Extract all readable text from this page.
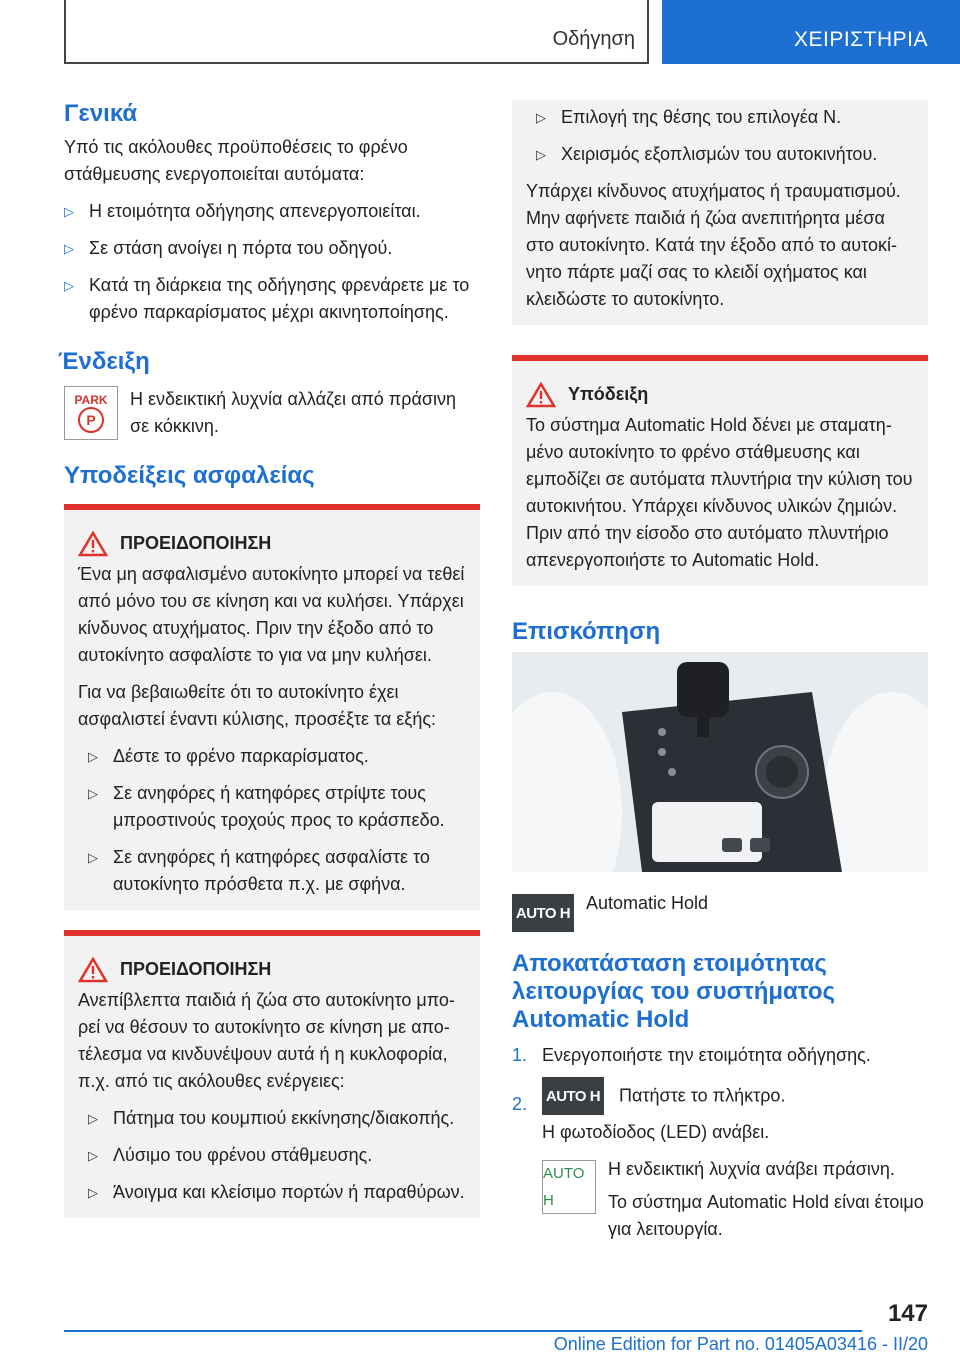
Οδήγηση	ΧΕΙΡΙΣΤΗΡΙΑ
Γενικά
Υπό τις ακόλουθες προϋποθέσεις το φρένο στάθμευσης ενεργοποιείται αυτόματα:
▷ Η ετοιμότητα οδήγησης απενεργοποιείται.
▷ Σε στάση ανοίγει η πόρτα του οδηγού.
▷ Κατά τη διάρκεια της οδήγησης φρενάρετε με το φρένο παρκαρίσματος μέχρι ακινητοποίησης.
Ένδειξη
PARK
P
Η ενδεικτική λυχνία αλλάζει από πράσινη σε κόκκινη.
Υποδείξεις ασφαλείας
ΠΡΟΕΙΔΟΠΟΙΗΣΗ
Ένα μη ασφαλισμένο αυτοκίνητο μπορεί να τεθεί από μόνο του σε κίνηση και να κυλήσει. Υπάρχει κίνδυνος ατυχήματος. Πριν την έξοδο από το αυτοκίνητο ασφαλίστε το για να μην κυλήσει.
Για να βεβαιωθείτε ότι το αυτοκίνητο έχει ασφαλιστεί έναντι κύλισης, προσέξτε τα εξής:
▷ Δέστε το φρένο παρκαρίσματος.
▷ Σε ανηφόρες ή κατηφόρες στρίψτε τους μπροστινούς τροχούς προς το κράσπεδο.
▷ Σε ανηφόρες ή κατηφόρες ασφαλίστε το αυτοκίνητο πρόσθετα π.χ. με σφήνα.
ΠΡΟΕΙΔΟΠΟΙΗΣΗ
Ανεπίβλεπτα παιδιά ή ζώα στο αυτοκίνητο μπορεί να θέσουν το αυτοκίνητο σε κίνηση με αποτέλεσμα να κινδυνέψουν αυτά ή η κυκλοφορία, π.χ. από τις ακόλουθες ενέργειες:
▷ Πάτημα του κουμπιού εκκίνησης/διακοπής.
▷ Λύσιμο του φρένου στάθμευσης.
▷ Άνοιγμα και κλείσιμο πορτών ή παραθύρων.
▷ Επιλογή της θέσης του επιλογέα N.
▷ Χειρισμός εξοπλισμών του αυτοκινήτου.
Υπάρχει κίνδυνος ατυχήματος ή τραυματισμού. Μην αφήνετε παιδιά ή ζώα ανεπιτήρητα μέσα στο αυτοκίνητο. Κατά την έξοδο από το αυτοκίνητο πάρτε μαζί σας το κλειδί οχήματος και κλειδώστε το αυτοκίνητο.
Υπόδειξη
Το σύστημα Automatic Hold δένει με σταματημένο αυτοκίνητο το φρένο στάθμευσης και εμποδίζει σε αυτόματα πλυντήρια την κύλιση του αυτοκινήτου. Υπάρχει κίνδυνος υλικών ζημιών. Πριν από την είσοδο στο αυτόματο πλυντήριο απενεργοποιήστε το Automatic Hold.
Επισκόπηση
AUTO H Automatic Hold
Αποκατάσταση ετοιμότητας λειτουργίας του συστήματος Automatic Hold
1. Ενεργοποιήστε την ετοιμότητα οδήγησης.
2. AUTO H Πατήστε το πλήκτρο.
Η φωτοδίοδος (LED) ανάβει.
AUTO H
Η ενδεικτική λυχνία ανάβει πράσινη.
Το σύστημα Automatic Hold είναι έτοιμο για λειτουργία.
147
Online Edition for Part no. 01405A03416 - II/20
